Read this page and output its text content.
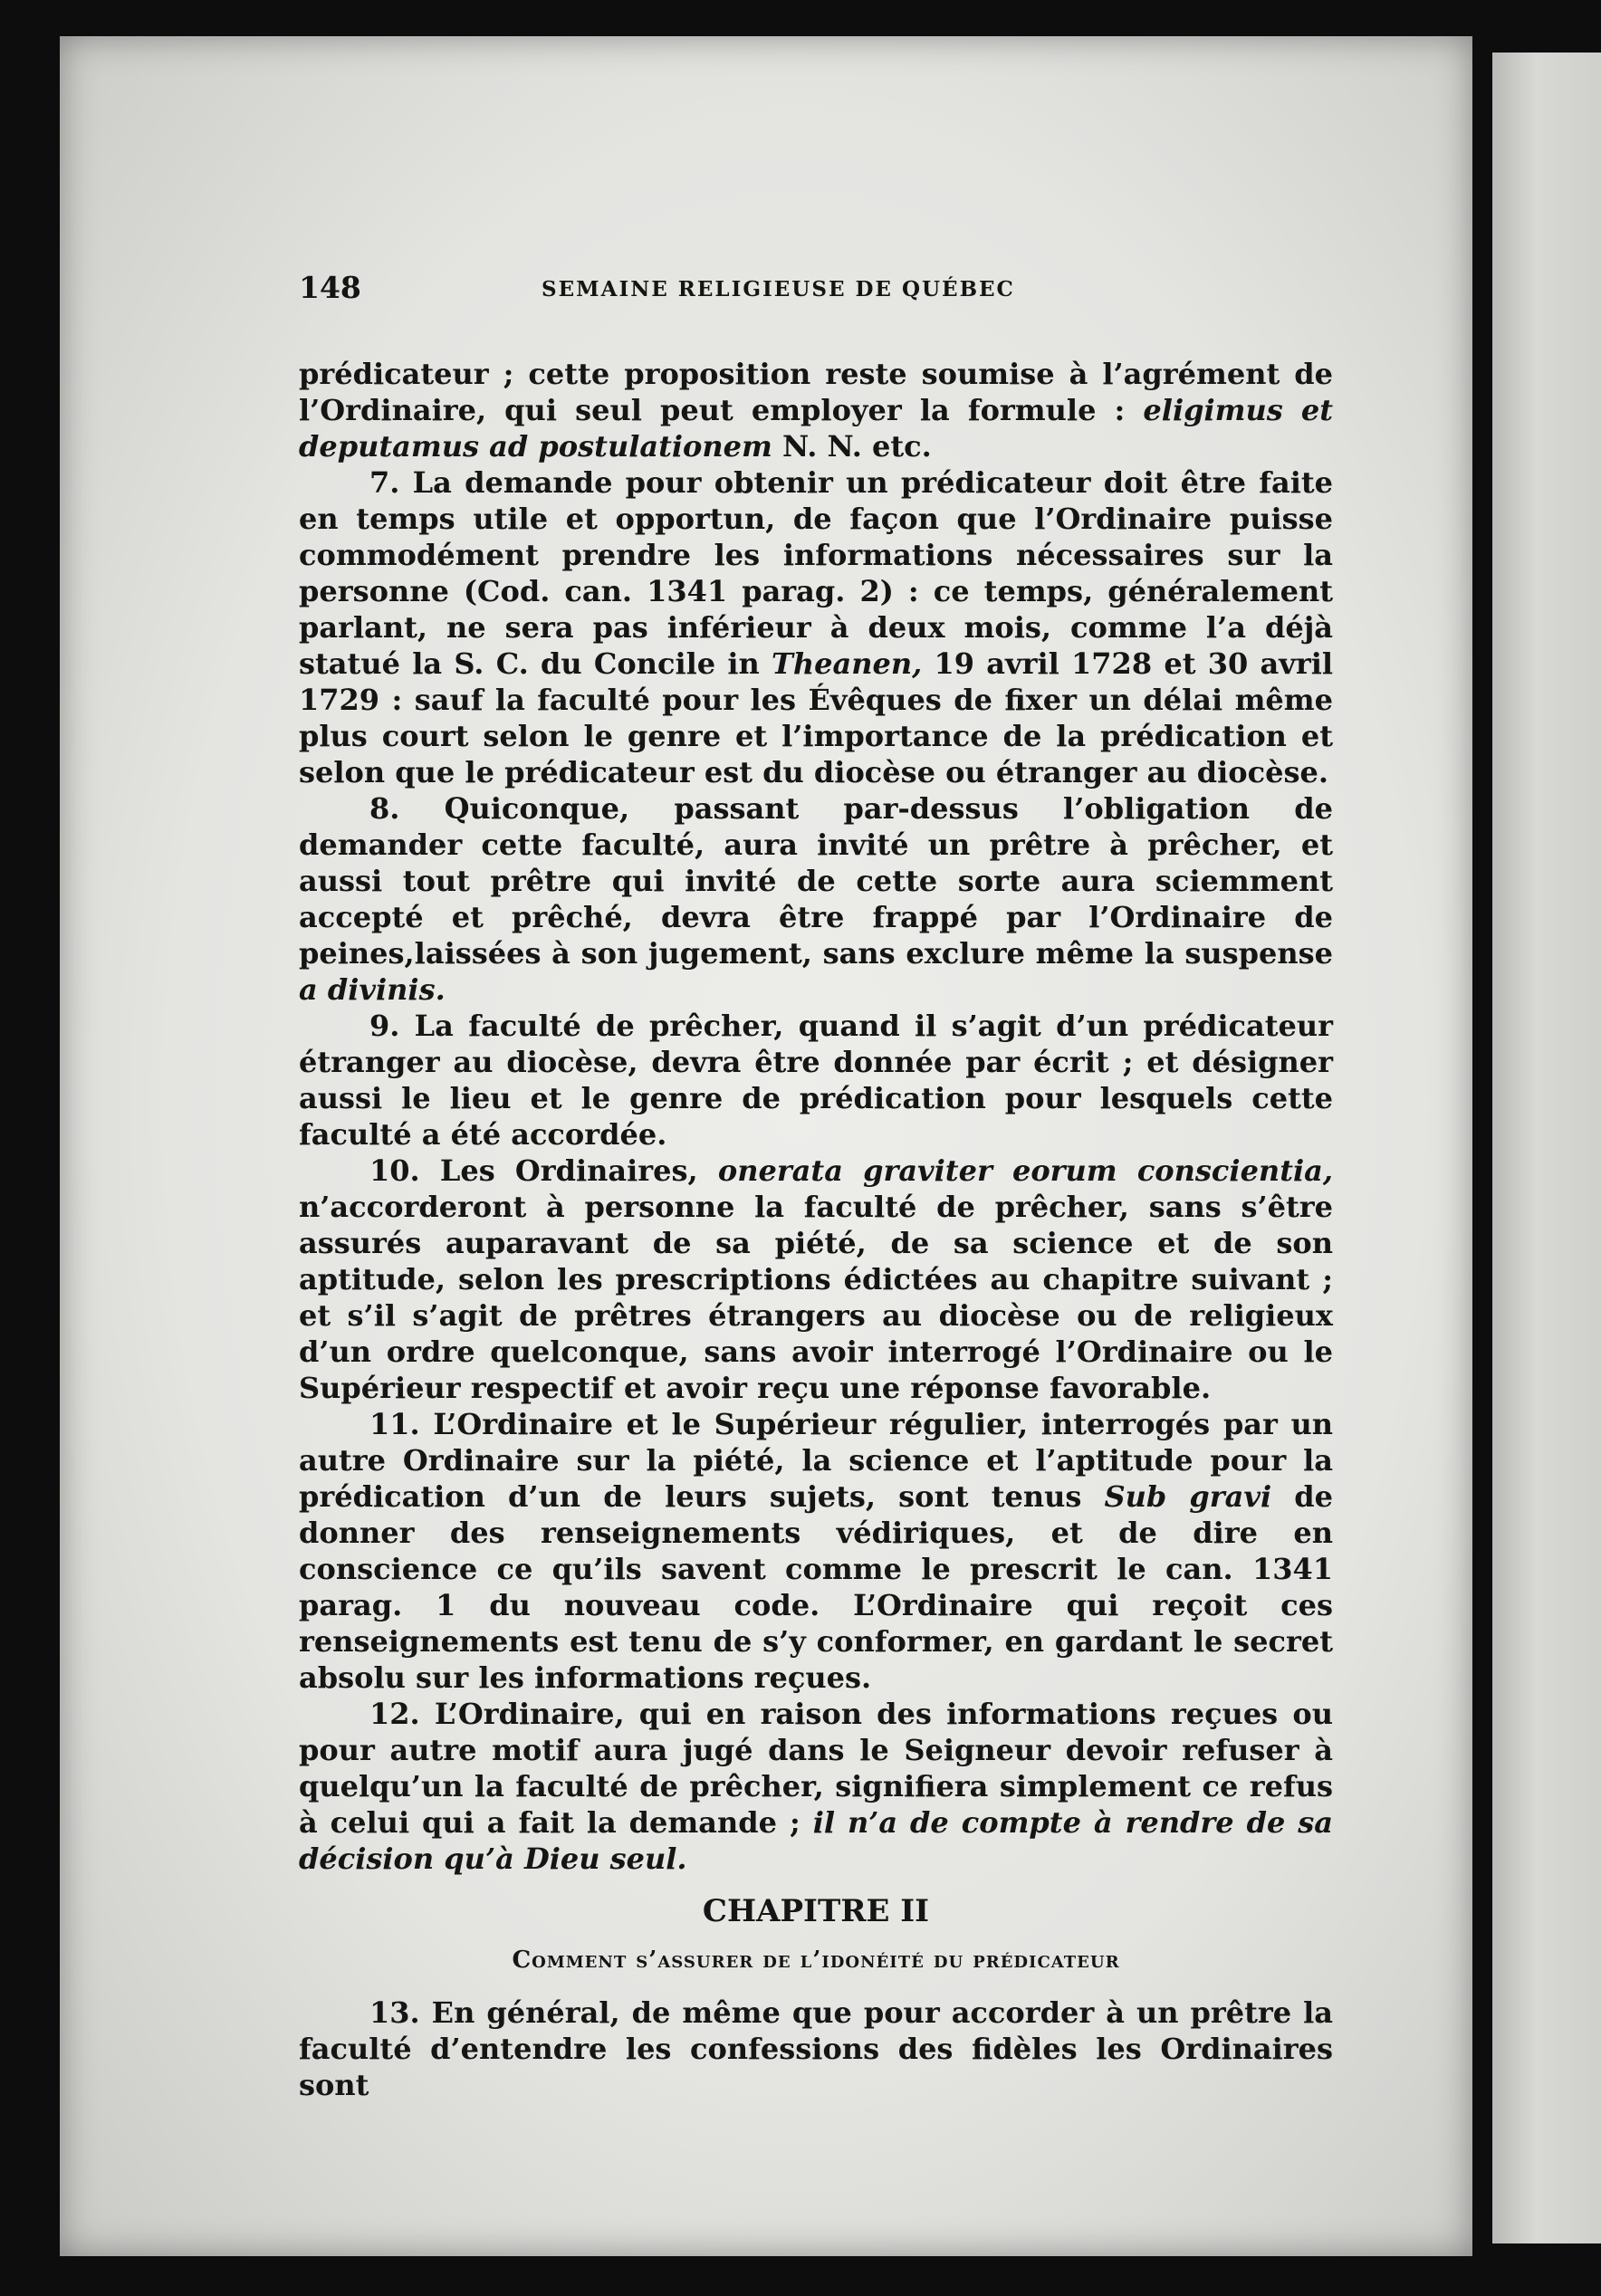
148	SEMAINE RELIGIEUSE DE QUÉBEC

prédicateur ; cette proposition reste soumise à l’agrément de l’Ordinaire, qui seul peut employer la formule : eligimus et deputamus ad postulationem N. N. etc.

7. La demande pour obtenir un prédicateur doit être faite en temps utile et opportun, de façon que l’Ordinaire puisse commodément prendre les informations nécessaires sur la personne (Cod. can. 1341 parag. 2) : ce temps, généralement parlant, ne sera pas inférieur à deux mois, comme l’a déjà statué la S. C. du Concile in Theanen, 19 avril 1728 et 30 avril 1729 : sauf la faculté pour les Évêques de fixer un délai même plus court selon le genre et l’importance de la prédication et selon que le prédicateur est du diocèse ou étranger au diocèse.

8. Quiconque, passant par-dessus l’obligation de demander cette faculté, aura invité un prêtre à prêcher, et aussi tout prêtre qui invité de cette sorte aura sciemment accepté et prêché, devra être frappé par l’Ordinaire de peines,laissées à son jugement, sans exclure même la suspense a divinis.

9. La faculté de prêcher, quand il s’agit d’un prédicateur étranger au diocèse, devra être donnée par écrit ; et désigner aussi le lieu et le genre de prédication pour lesquels cette faculté a été accordée.

10. Les Ordinaires, onerata graviter eorum conscientia, n’accorderont à personne la faculté de prêcher, sans s’être assurés auparavant de sa piété, de sa science et de son aptitude, selon les prescriptions édictées au chapitre suivant ; et s’il s’agit de prêtres étrangers au diocèse ou de religieux d’un ordre quelconque, sans avoir interrogé l’Ordinaire ou le Supérieur respectif et avoir reçu une réponse favorable.

11. L’Ordinaire et le Supérieur régulier, interrogés par un autre Ordinaire sur la piété, la science et l’aptitude pour la prédication d’un de leurs sujets, sont tenus Sub gravi de donner des renseignements védiriques, et de dire en conscience ce qu’ils savent comme le prescrit le can. 1341 parag. 1 du nouveau code. L’Ordinaire qui reçoit ces renseignements est tenu de s’y conformer, en gardant le secret absolu sur les informations reçues.

12. L’Ordinaire, qui en raison des informations reçues ou pour autre motif aura jugé dans le Seigneur devoir refuser à quelqu’un la faculté de prêcher, signifiera simplement ce refus à celui qui a fait la demande ; il n’a de compte à rendre de sa décision qu’à Dieu seul.

CHAPITRE II
Comment s’assurer de l’idonéité du prédicateur

13. En général, de même que pour accorder à un prêtre la faculté d’entendre les confessions des fidèles les Ordinaires sont
